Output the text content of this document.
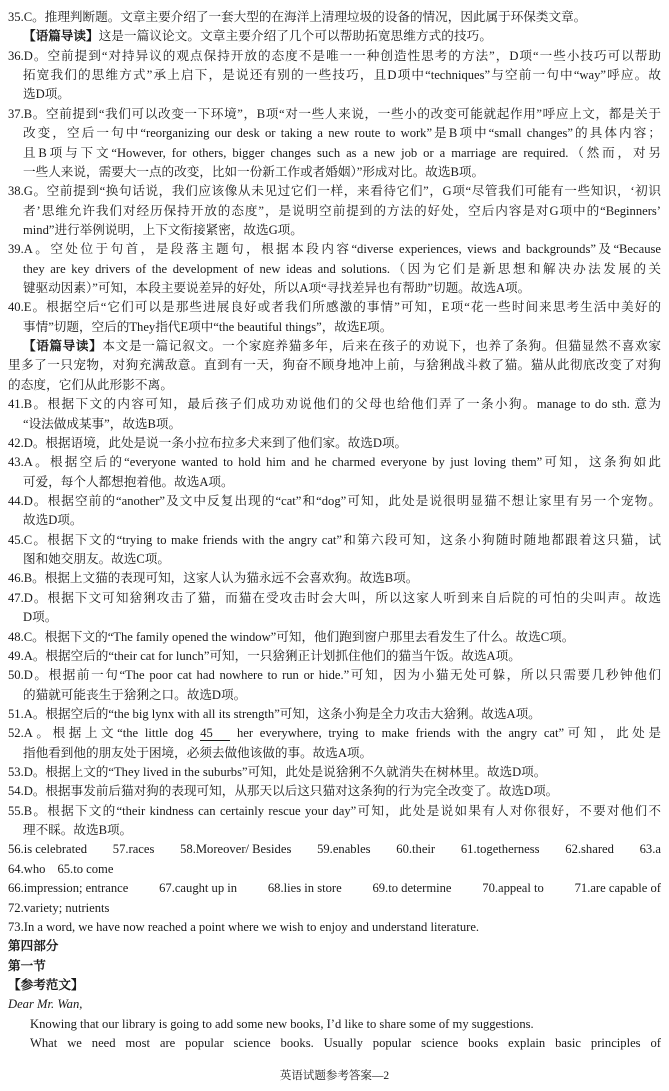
35.C。推理判断题。文章主要介绍了一套大型的在海洋上清理垃圾的设备的情况，因此属于环保类文章。
【语篇导读】这是一篇议论文。文章主要介绍了几个可以帮助拓宽思维方式的技巧。
36.D。空前提到“对持异议的观点保持开放的态度不是唯一一种创造性思考的方法”，D项“一些小技巧可以帮助
拓宽我们的思维方式”承上启下，是说还有别的一些技巧，且D项中“techniques”与空前一句中“way”呼应。故
选D项。
37.B。空前提到“我们可以改变一下环境”，B项“对一些人来说，一些小的改变可能就起作用”呼应上文，都是关于
改变，空后一句中“reorganizing our desk or taking a new route to work”是B项中“small changes”的具体内容；
且B项与下文“However, for others, bigger changes such as a new job or a marriage are required.（然而，对另
一些人来说，需要大一点的改变，比如一份新工作或者婚姻）”形成对比。故选B项。
38.G。空前提到“换句话说，我们应该像从未见过它们一样，来看待它们”，G项“尽管我们可能有一些知识，‘初识
者’思维允许我们对经历保持开放的态度”，是说明空前提到的方法的好处，空后内容是对G项中的“Beginners’
mind”进行举例说明，上下文衔接紧密，故选G项。
39.A。空处位于句首，是段落主题句，根据本段内容“diverse experiences, views and backgrounds”及“Because
they are key drivers of the development of new ideas and solutions.（因为它们是新思想和解决办法发展的关
键驱动因素）”可知，本段主要说差异的好处，所以A项“寻找差异也有帮助”切题。故选A项。
40.E。根据空后“它们可以是那些进展良好或者我们所感激的事情”可知，E项“花一些时间来思考生活中美好的
事情”切题，空后的They指代E项中“the beautiful things”，故选E项。
【语篇导读】本文是一篇记叙文。一个家庭养猫多年，后来在孩子的劝说下，也养了条狗。但猫显然不喜欢家
里多了一只宠物，对狗充满敌意。直到有一天，狗奋不顾身地冲上前，与猞猁战斗救了猫。猫从此彻底改变了对狗
的态度，它们从此形影不离。
41.B。根据下文的内容可知，最后孩子们成功劝说他们的父母也给他们弄了一条小狗。manage to do sth. 意为
“设法做成某事”，故选B项。
42.D。根据语境，此处是说一条小拉布拉多犬来到了他们家。故选D项。
43.A。根据空后的“everyone wanted to hold him and he charmed everyone by just loving them”可知，这条狗如此
可爱，每个人都想抱着他。故选A项。
44.D。根据空前的“another”及文中反复出现的“cat”和“dog”可知，此处是说很明显猫不想让家里有另一个宠物。
故选D项。
45.C。根据下文的“trying to make friends with the angry cat”和第六段可知，这条小狗随时随地都跟着这只猫，试
图和她交朋友。故选C项。
46.B。根据上文猫的表现可知，这家人认为猫永远不会喜欢狗。故选B项。
47.D。根据下文可知猞猁攻击了猫，而猫在受攻击时会大叫，所以这家人听到来自后院的可怕的尖叫声。故选
D项。
48.C。根据下文的“The family opened the window”可知，他们跑到窗户那里去看发生了什么。故选C项。
49.A。根据空后的“their cat for lunch”可知，一只猞猁正计划抓住他们的猫当午饭。故选A项。
50.D。根据前一句“The poor cat had nowhere to run or hide.”可知，因为小猫无处可躲，所以只需要几秒钟他们
的猫就可能丧生于猞猁之口。故选D项。
51.A。根据空后的“the big lynx with all its strength”可知，这条小狗是全力攻击大猞猁。故选A项。
52.A。根据上文“the little dog 45 her everywhere, trying to make friends with the angry cat”可知，此处是
指他看到他的朋友处于困境，必须去做他该做的事。故选A项。
53.D。根据上文的“They lived in the suburbs”可知，此处是说猞猁不久就消失在树林里。故选D项。
54.D。根据事发前后猫对狗的表现可知，从那天以后这只猫对这条狗的行为完全改变了。故选D项。
55.B。根据下文的“their kindness can certainly rescue your day”可知，此处是说如果有人对你很好，不要对他们不
理不睬。故选B项。
56.is celebrated 57.races 58.Moreover/ Besides 59.enables 60.their 61.togetherness 62.shared 63.a
64.who 65.to come
66.impression; entrance 67.caught up in 68.lies in store 69.to determine 70.appeal to 71.are capable of
72.variety; nutrients
73.In a word, we have now reached a point where we wish to enjoy and understand literature.
第四部分
第一节
【参考范文】
Dear Mr. Wan,
Knowing that our library is going to add some new books, I’d like to share some of my suggestions.
What we need most are popular science books. Usually popular science books explain basic principles of
英语试题参考答案—2
